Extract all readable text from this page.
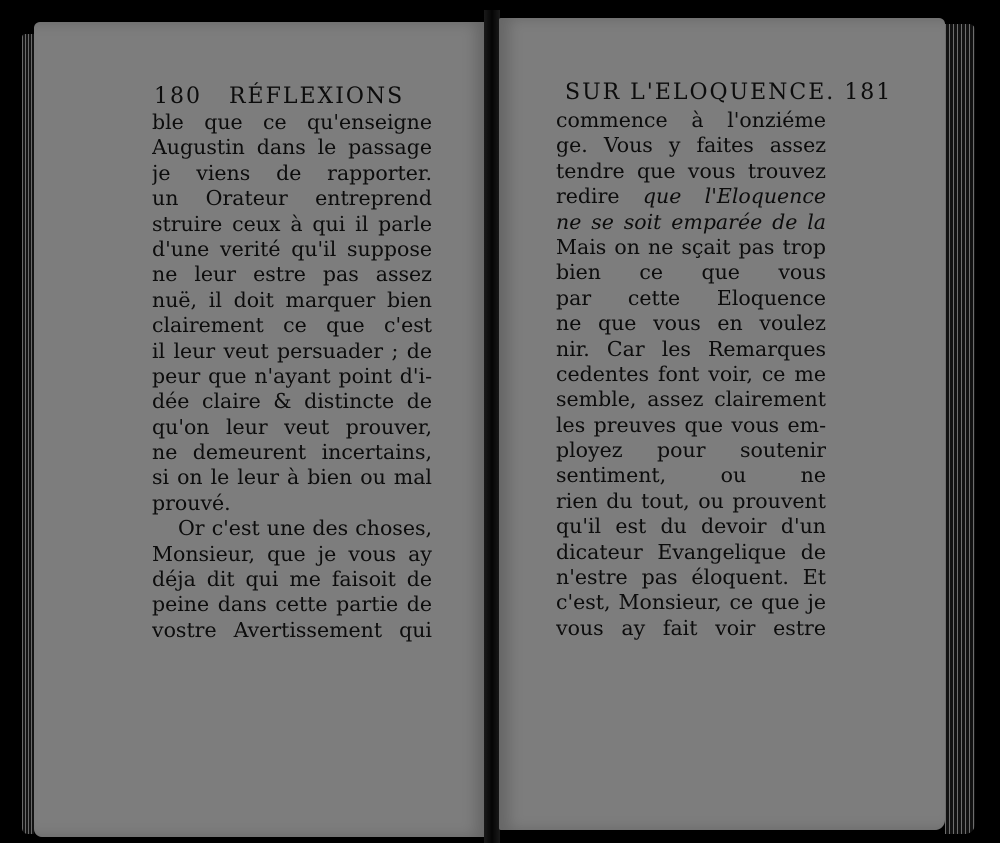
180 RÉFLEXIONS
ble que ce qu'enseigne
Augustin dans le passage
je viens de rapporter.
un Orateur entreprend
struire ceux à qui il parle
d'une verité qu'il suppose
ne leur estre pas assez
nuë, il doit marquer bien
clairement ce que c'est
il leur veut persuader ; de
peur que n'ayant point d'i-
dée claire & distincte de
qu'on leur veut prouver,
ne demeurent incertains,
si on le leur à bien ou mal
prouvé.
Or c'est une des choses,
Monsieur, que je vous ay
déja dit qui me faisoit de
peine dans cette partie de
vostre Avertissement qui
SUR L'ELOQUENCE. 181
commence à l'onziéme
ge. Vous y faites assez
tendre que vous trouvez
redire que l'Eloquence
ne se soit emparée de la
Mais on ne sçait pas trop
bien ce que vous
par cette Eloquence
ne que vous en voulez
nir. Car les Remarques
cedentes font voir, ce me
semble, assez clairement
les preuves que vous em-
ployez pour soutenir
sentiment, ou ne
rien du tout, ou prouvent
qu'il est du devoir d'un
dicateur Evangelique de
n'estre pas éloquent. Et
c'est, Monsieur, ce que je
vous ay fait voir estre
